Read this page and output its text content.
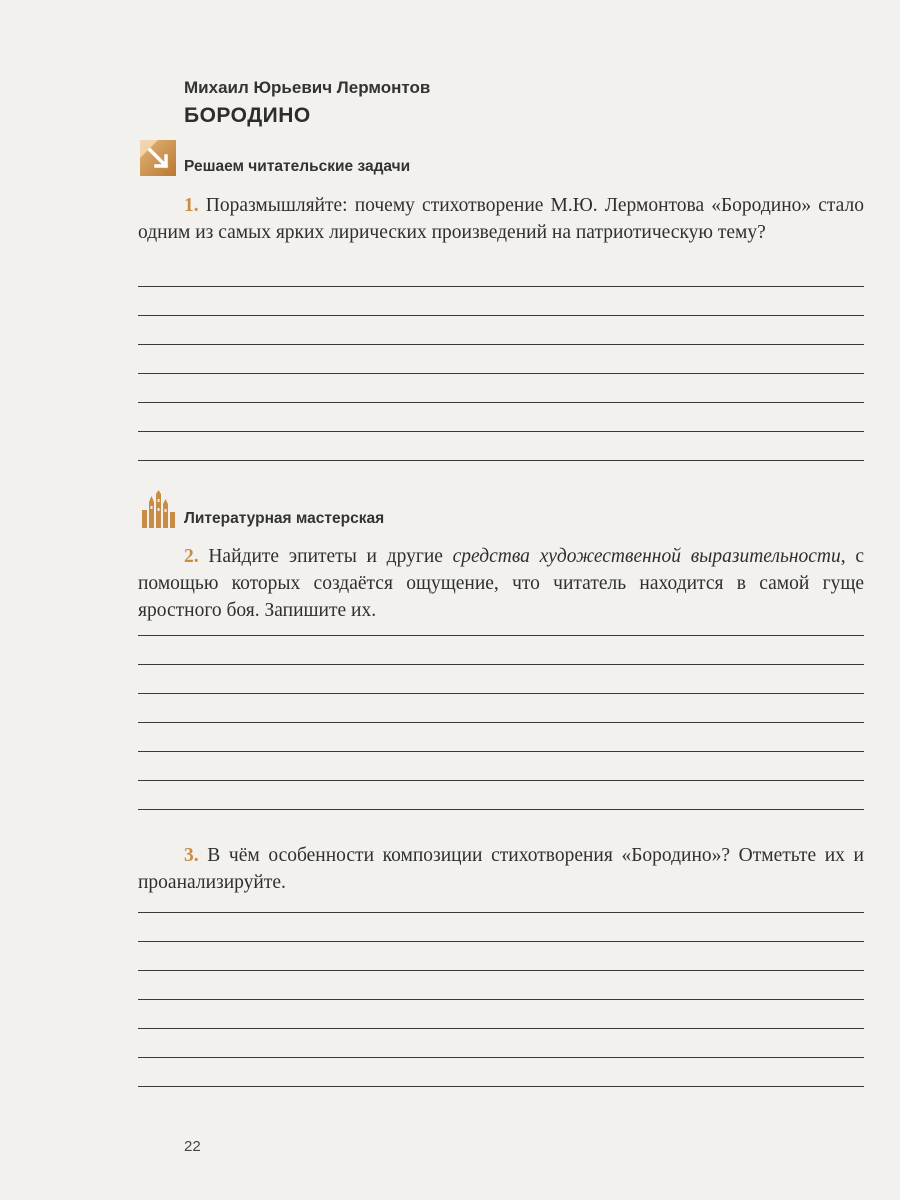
Михаил Юрьевич Лермонтов
БОРОДИНО
Решаем читательские задачи
1. Поразмышляйте: почему стихотворение М.Ю. Лермонтова «Бородино» стало одним из самых ярких лирических произведений на патриотическую тему?
Литературная мастерская
2. Найдите эпитеты и другие средства художественной выразительности, с помощью которых создаётся ощущение, что читатель находится в самой гуще яростного боя. Запишите их.
3. В чём особенности композиции стихотворения «Бородино»? Отметьте их и проанализируйте.
22
